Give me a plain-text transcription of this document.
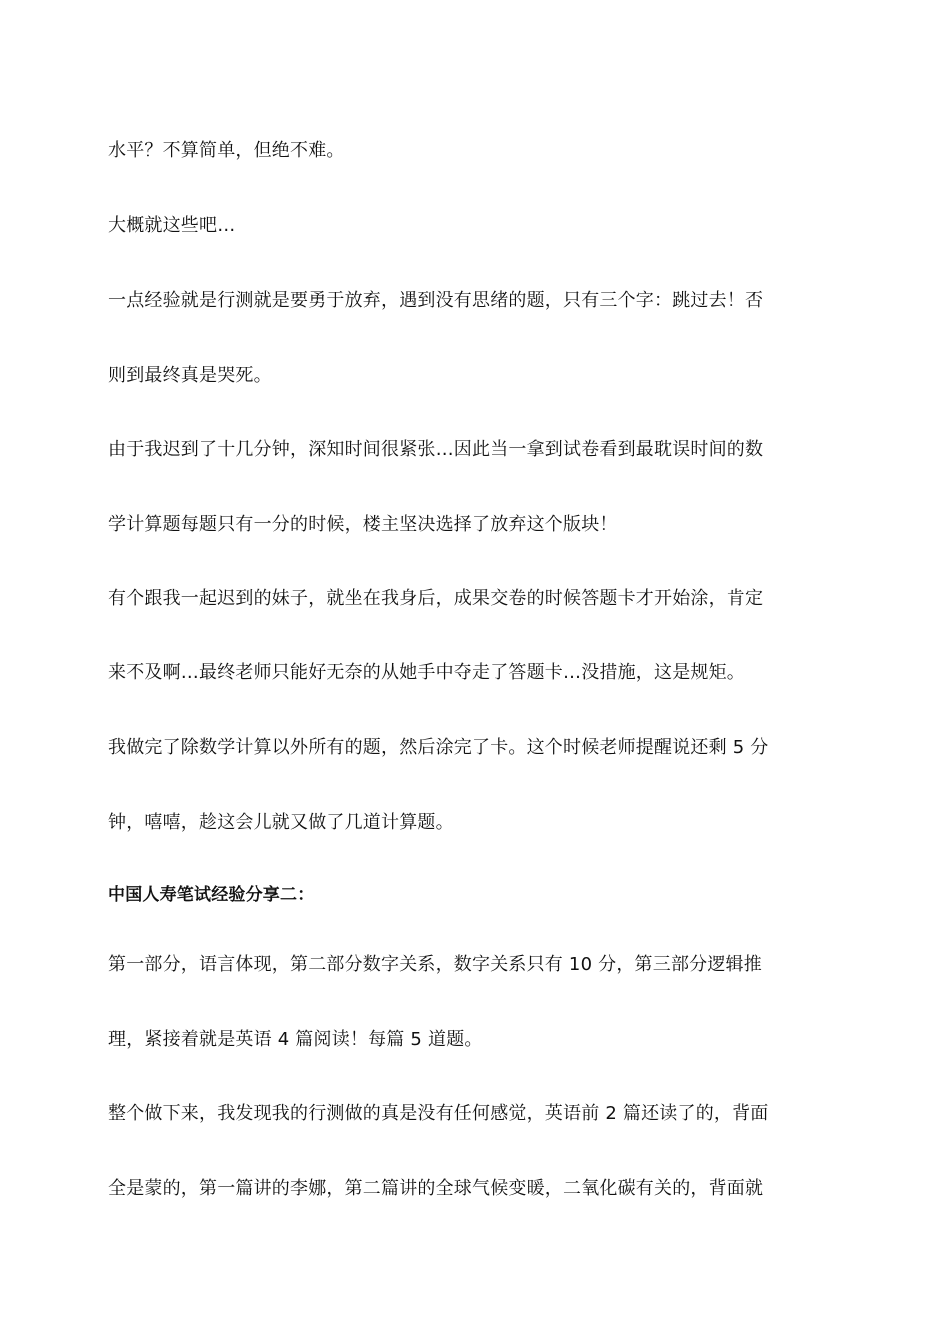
水平？不算简单，但绝不难。

大概就这些吧…

一点经验就是行测就是要勇于放弃，遇到没有思绪的题，只有三个字：跳过去！否

则到最终真是哭死。

由于我迟到了十几分钟，深知时间很紧张…因此当一拿到试卷看到最耽误时间的数

学计算题每题只有一分的时候，楼主坚决选择了放弃这个版块！

有个跟我一起迟到的妹子，就坐在我身后，成果交卷的时候答题卡才开始涂，肯定

来不及啊…最终老师只能好无奈的从她手中夺走了答题卡…没措施，这是规矩。

我做完了除数学计算以外所有的题，然后涂完了卡。这个时候老师提醒说还剩 5 分

钟，嘻嘻，趁这会儿就又做了几道计算题。

中国人寿笔试经验分享二：

第一部分，语言体现，第二部分数字关系，数字关系只有 10 分，第三部分逻辑推

理，紧接着就是英语 4 篇阅读！每篇 5 道题。

整个做下来，我发现我的行测做的真是没有任何感觉，英语前 2 篇还读了的，背面

全是蒙的，第一篇讲的李娜，第二篇讲的全球气候变暖，二氧化碳有关的，背面就
